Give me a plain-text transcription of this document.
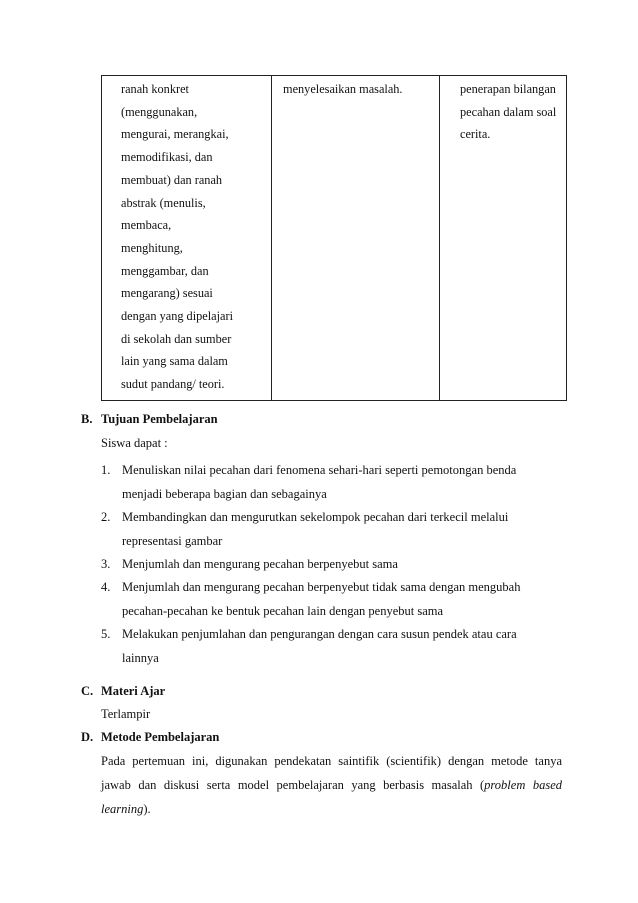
ranah konkret
(menggunakan,
mengurai, merangkai,
memodifikasi, dan
membuat) dan ranah
abstrak (menulis,
membaca,
menghitung,
menggambar, dan
mengarang) sesuai
dengan yang dipelajari
di sekolah dan sumber
lain yang sama dalam
sudut pandang/ teori.

menyelesaikan masalah.	penerapan bilangan
pecahan dalam soal
cerita.
B. Tujuan Pembelajaran
Siswa dapat :
1. Menuliskan nilai pecahan dari fenomena sehari-hari seperti pemotongan benda
menjadi beberapa bagian dan sebagainya
2. Membandingkan dan mengurutkan sekelompok pecahan dari terkecil melalui
representasi gambar
3. Menjumlah dan mengurang pecahan berpenyebut sama
4. Menjumlah dan mengurang pecahan berpenyebut tidak sama dengan mengubah
pecahan-pecahan ke bentuk pecahan lain dengan penyebut sama
5. Melakukan penjumlahan dan pengurangan dengan cara susun pendek atau cara
lainnya
C. Materi Ajar
Terlampir
D. Metode Pembelajaran
Pada pertemuan ini, digunakan pendekatan saintifik (scientifik) dengan metode tanya
jawab dan diskusi serta model pembelajaran yang berbasis masalah (problem based
learning).
